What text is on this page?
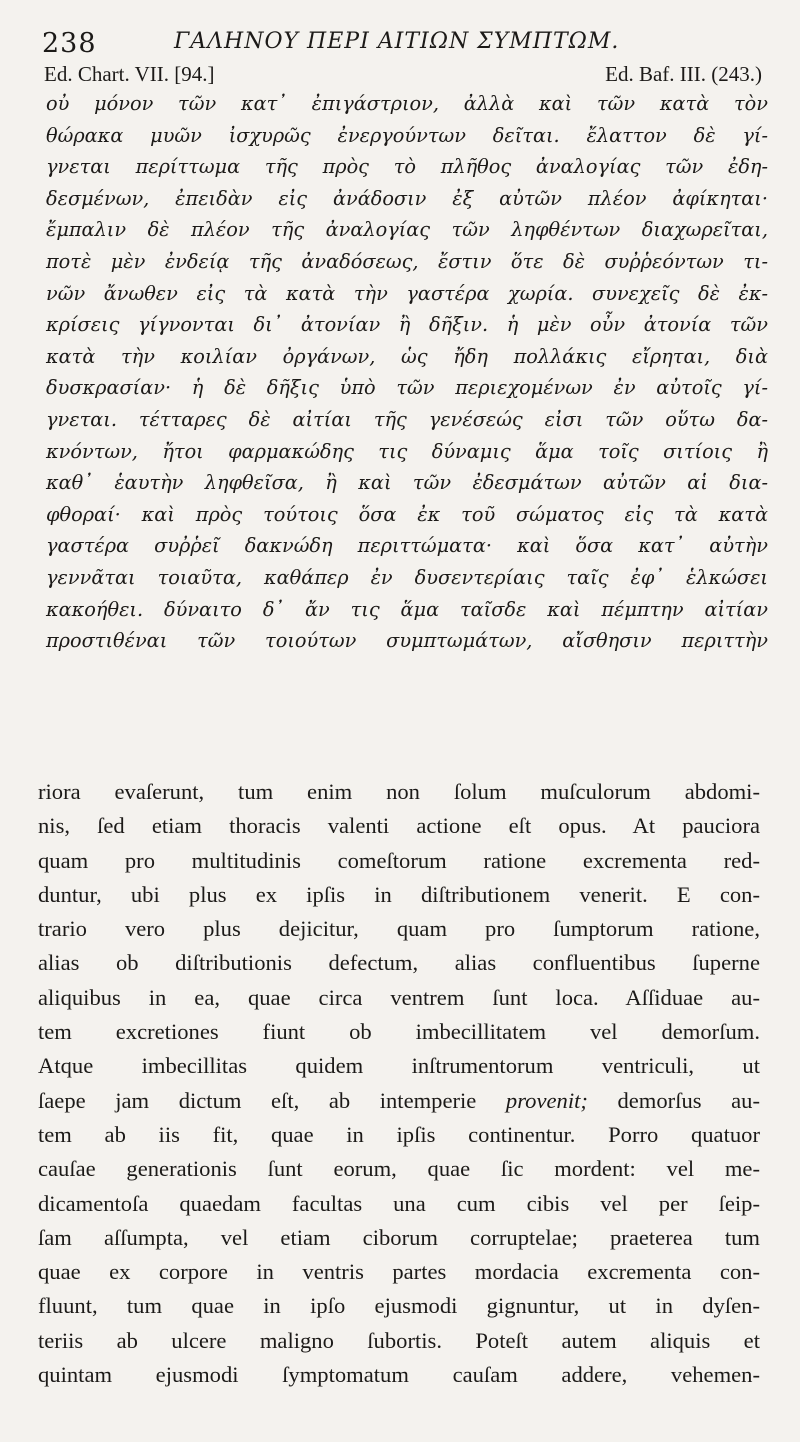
238	ΓΑΛΗΝΟΥ ΠΕΡΙ ΑΙΤΙΩΝ ΣΥΜΠΤΩΜ.
Ed. Chart. VII. [94.]	Ed. Baf. III. (243.)
οὐ μόνον τῶν κατ᾽ ἐπιγάστριον, ἀλλὰ καὶ τῶν κατὰ τὸν
θώρακα μυῶν ἰσχυρῶς ἐνεργούντων δεῖται. ἔλαττον δὲ γί-
γνεται περίττωμα τῆς πρὸς τὸ πλῆθος ἀναλογίας τῶν ἐδη-
δεσμένων, ἐπειδὰν εἰς ἀνάδοσιν ἐξ αὐτῶν πλέον ἀφίκηται·
ἔμπαλιν δὲ πλέον τῆς ἀναλογίας τῶν ληφθέντων διαχωρεῖται,
ποτὲ μὲν ἐνδείᾳ τῆς ἀναδόσεως, ἔστιν ὅτε δὲ συῤῥεόντων τι-
νῶν ἄνωθεν εἰς τὰ κατὰ τὴν γαστέρα χωρία. συνεχεῖς δὲ ἐκ-
κρίσεις γίγνονται δι᾽ ἀτονίαν ἢ δῆξιν. ἡ μὲν οὖν ἀτονία τῶν
κατὰ τὴν κοιλίαν ὀργάνων, ὡς ἤδη πολλάκις εἴρηται, διὰ
δυσκρασίαν· ἡ δὲ δῆξις ὑπὸ τῶν περιεχομένων ἐν αὐτοῖς γί-
γνεται. τέτταρες δὲ αἰτίαι τῆς γενέσεώς εἰσι τῶν οὕτω δα-
κνόντων, ἤτοι φαρμακώδης τις δύναμις ἅμα τοῖς σιτίοις ἢ
καθ᾽ ἑαυτὴν ληφθεῖσα, ἢ καὶ τῶν ἐδεσμάτων αὐτῶν αἱ δια-
φθοραί· καὶ πρὸς τούτοις ὅσα ἐκ τοῦ σώματος εἰς τὰ κατὰ
γαστέρα συῤῥεῖ δακνώδη περιττώματα· καὶ ὅσα κατ᾽ αὐτὴν
γεννᾶται τοιαῦτα, καθάπερ ἐν δυσεντερίαις ταῖς ἐφ᾽ ἑλκώσει
κακοήθει. δύναιτο δ᾽ ἄν τις ἅμα ταῖσδε καὶ πέμπτην αἰτίαν
προστιθέναι τῶν τοιούτων συμπτωμάτων, αἴσθησιν περιττὴν
riora evaſerunt, tum enim non ſolum muſculorum abdomi-
nis, ſed etiam thoracis valenti actione eſt opus. At pauciora
quam pro multitudinis comeſtorum ratione excrementa red-
duntur, ubi plus ex ipſis in diſtributionem venerit. E con-
trario vero plus dejicitur, quam pro ſumptorum ratione,
alias ob diſtributionis defectum, alias confluentibus ſuperne
aliquibus in ea, quae circa ventrem ſunt loca. Aſſiduae au-
tem excretiones fiunt ob imbecillitatem vel demorſum.
Atque imbecillitas quidem inſtrumentorum ventriculi, ut
ſaepe jam dictum eſt, ab intemperie provenit; demorſus au-
tem ab iis fit, quae in ipſis continentur. Porro quatuor
cauſae generationis ſunt eorum, quae ſic mordent: vel me-
dicamentoſa quaedam facultas una cum cibis vel per ſeip-
ſam aſſumpta, vel etiam ciborum corruptelae; praeterea tum
quae ex corpore in ventris partes mordacia excrementa con-
fluunt, tum quae in ipſo ejusmodi gignuntur, ut in dyſen-
teriis ab ulcere maligno ſubortis. Poteſt autem aliquis et
quintam ejusmodi ſymptomatum cauſam addere, vehemen-
